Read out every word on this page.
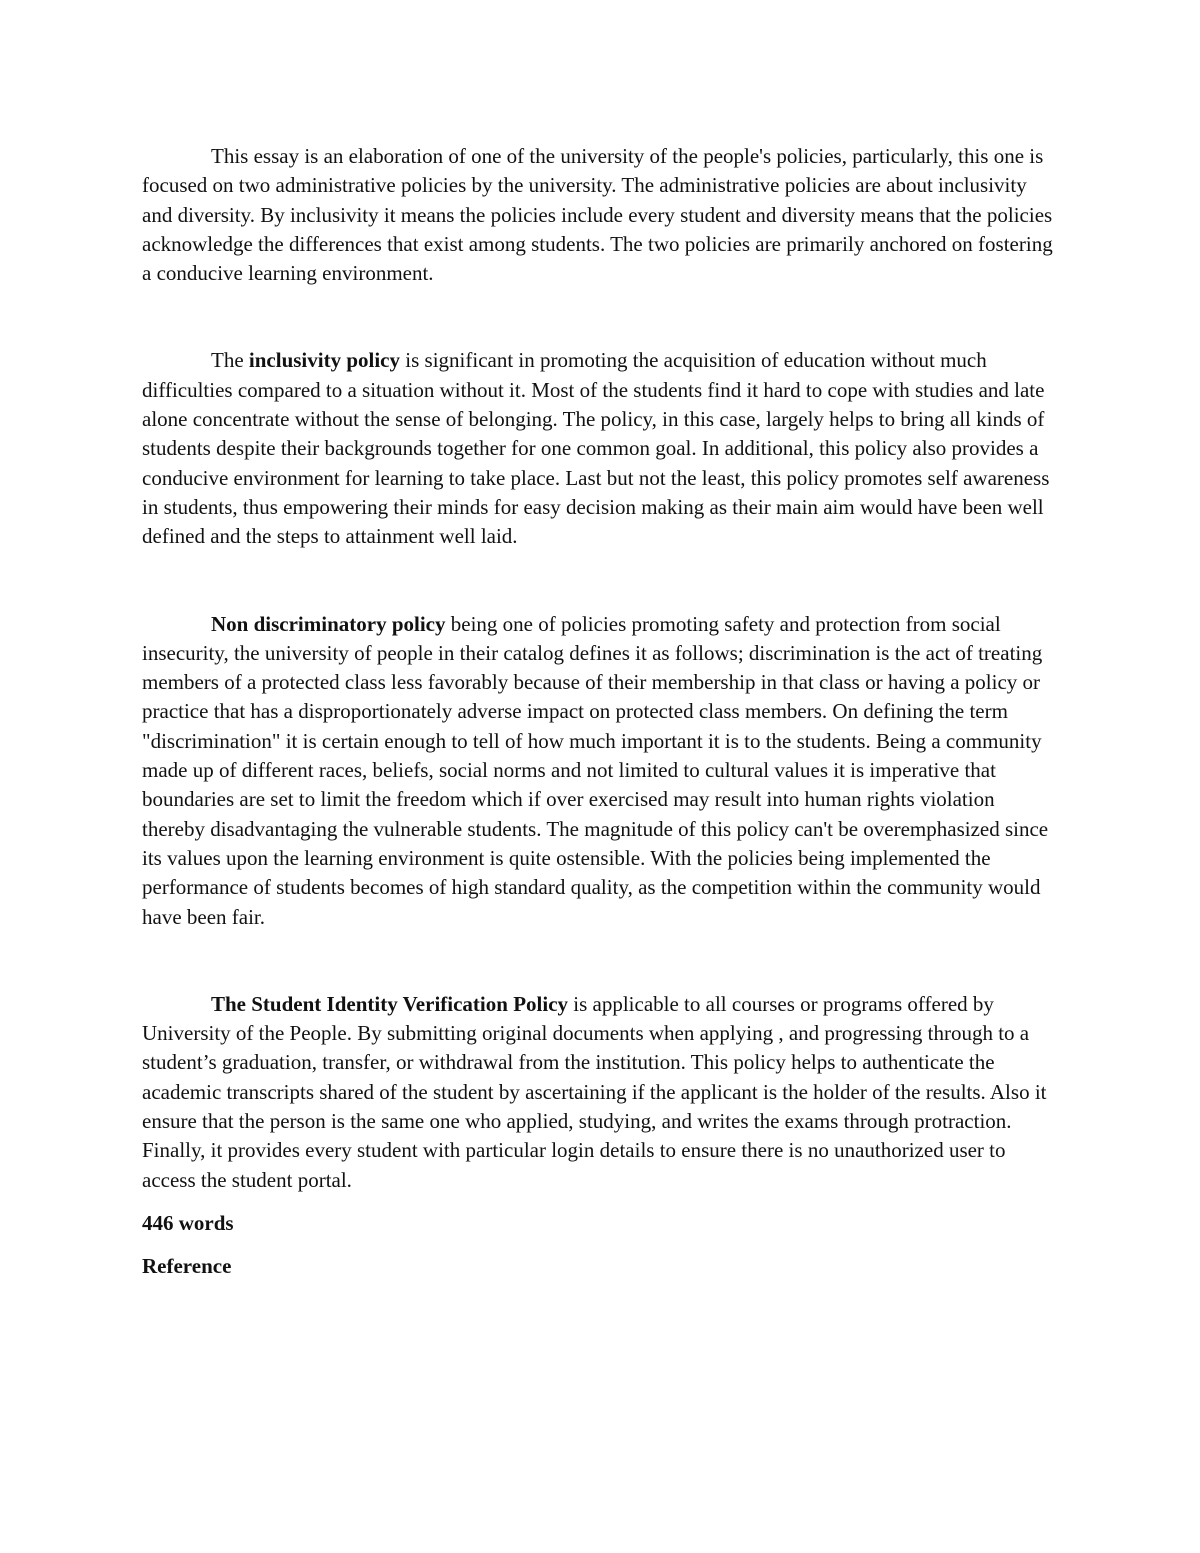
This essay is an elaboration of one of the university of the people's policies, particularly, this one is focused on two administrative policies by the university. The administrative policies are about inclusivity and diversity. By inclusivity it means the policies include every student and diversity means that the policies acknowledge the differences that exist among students. The two policies are primarily anchored on fostering a conducive learning environment.

The inclusivity policy is significant in promoting the acquisition of education without much difficulties compared to a situation without it. Most of the students find it hard to cope with studies and late alone concentrate without the sense of belonging. The policy, in this case, largely helps to bring all kinds of students despite their backgrounds together for one common goal. In additional, this policy also provides a conducive environment for learning to take place. Last but not the least, this policy promotes self awareness in students, thus empowering their minds for easy decision making as their main aim would have been well defined and the steps to attainment well laid.

Non discriminatory policy being one of policies promoting safety and protection from social insecurity, the university of people in their catalog defines it as follows; discrimination is the act of treating members of a protected class less favorably because of their membership in that class or having a policy or practice that has a disproportionately adverse impact on protected class members. On defining the term "discrimination" it is certain enough to tell of how much important it is to the students. Being a community made up of different races, beliefs, social norms and not limited to cultural values it is imperative that boundaries are set to limit the freedom which if over exercised may result into human rights violation thereby disadvantaging the vulnerable students. The magnitude of this policy can't be overemphasized since its values upon the learning environment is quite ostensible. With the policies being implemented the performance of students becomes of high standard quality, as the competition within the community would have been fair.

The Student Identity Verification Policy is applicable to all courses or programs offered by University of the People. By submitting original documents when applying , and progressing through to a student’s graduation, transfer, or withdrawal from the institution. This policy helps to authenticate the academic transcripts shared of the student by ascertaining if the applicant is the holder of the results. Also it ensure that the person is the same one who applied, studying, and writes the exams through protraction. Finally, it provides every student with particular login details to ensure there is no unauthorized user to access the student portal.

446 words

Reference
